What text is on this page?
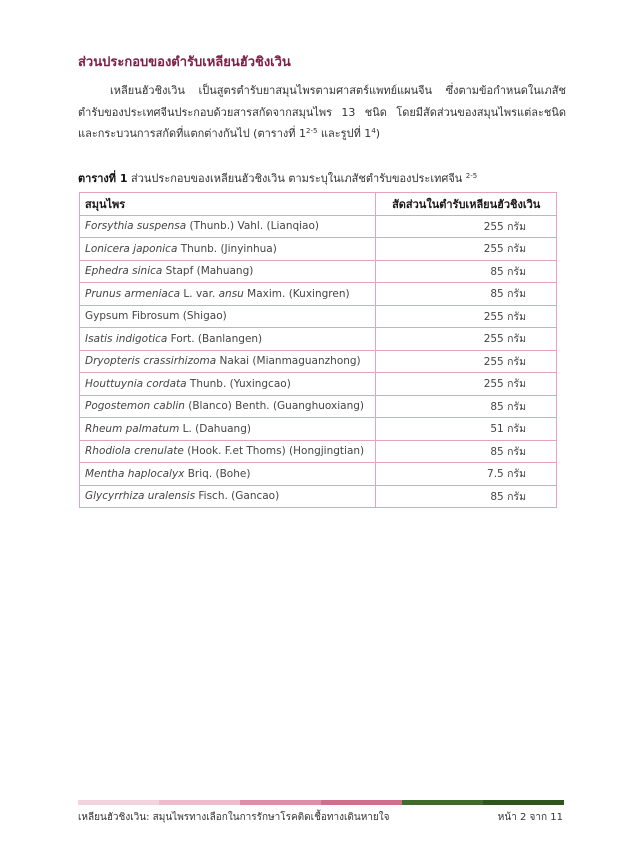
ส่วนประกอบของตำรับเหลียนฮัวชิงเวิน
เหลียนฮัวชิงเวิน เป็นสูตรตำรับยาสมุนไพรตามศาสตร์แพทย์แผนจีน ซึ่งตามข้อกำหนดในเภสัชตำรับของประเทศจีนประกอบด้วยสารสกัดจากสมุนไพร 13 ชนิด โดยมีสัดส่วนของสมุนไพรแต่ละชนิดและกระบวนการสกัดที่แตกต่างกันไป (ตารางที่ 1$^{2-5}$ และรูปที่ $1^4$)
ตารางที่ 1 ส่วนประกอบของเหลียนฮัวชิงเวิน ตามระบุในเภสัชตำรับของประเทศจีน $^{2-5}$
สมุนไพร	สัดส่วนในตำรับเหลียนฮัวชิงเวิน
Forsythia suspensa (Thunb.) Vahl. (Lianqiao)	255 กรัม
Lonicera japonica Thunb. (Jinyinhua)	255 กรัม
Ephedra sinica Stapf (Mahuang)	85 กรัม
Prunus armeniaca L. var. ansu Maxim. (Kuxingren)	85 กรัม
Gypsum Fibrosum (Shigao)	255 กรัม
Isatis indigotica Fort. (Banlangen)	255 กรัม
Dryopteris crassirhizoma Nakai (Mianmaguanzhong)	255 กรัม
Houttuynia cordata Thunb. (Yuxingcao)	255 กรัม
Pogostemon cablin (Blanco) Benth. (Guanghuoxiang)	85 กรัม
Rheum palmatum L. (Dahuang)	51 กรัม
Rhodiola crenulate (Hook. F.et Thoms) (Hongjingtian)	85 กรัม
Mentha haplocalyx Briq. (Bohe)	7.5 กรัม
Glycyrrhiza uralensis Fisch. (Gancao)	85 กรัม
เหลียนฮัวชิงเวิน: สมุนไพรทางเลือกในการรักษาโรคติดเชื้อทางเดินหายใจ	หน้า 2 จาก 11
